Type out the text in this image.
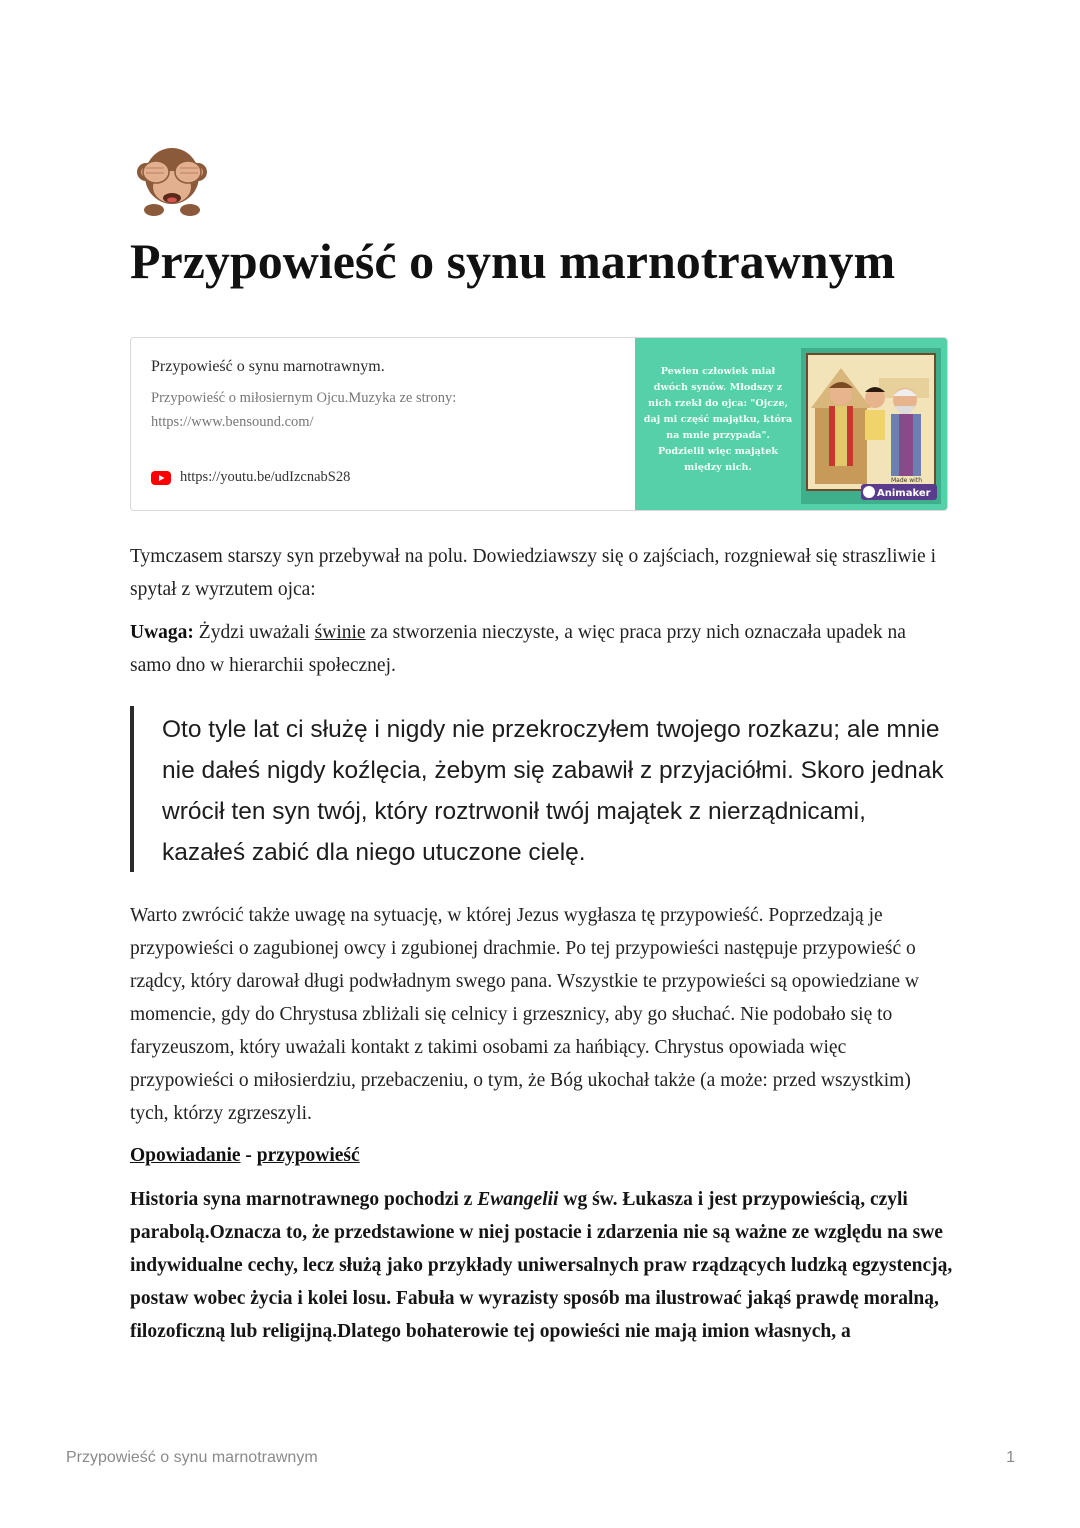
Przypowieść o synu marnotrawnym

Przypowieść o synu marnotrawnym.

Przypowieść o miłosiernym Ojcu.Muzyka ze strony:
https://www.bensound.com/

https://youtu.be/udIzcnabS28
Pewien człowiek miał dwóch synów. Młodszy z nich rzekł do ojca: "Ojcze, daj mi część majątku, która na mnie przypada". Podzielił więc majątek między nich.
Animaker
Made with

Tymczasem starszy syn przebywał na polu. Dowiedziawszy się o zajściach, rozgniewał się straszliwie i spytał z wyrzutem ojca:

Uwaga: Żydzi uważali świnie za stworzenia nieczyste, a więc praca przy nich oznaczała upadek na samo dno w hierarchii społecznej.

Oto tyle lat ci służę i nigdy nie przekroczyłem twojego rozkazu; ale mnie nie dałeś nigdy koźlęcia, żebym się zabawił z przyjaciółmi. Skoro jednak wrócił ten syn twój, który roztrwonił twój majątek z nierządnicami, kazałeś zabić dla niego utuczone cielę.

Warto zwrócić także uwagę na sytuację, w której Jezus wygłasza tę przypowieść. Poprzedzają je przypowieści o zagubionej owcy i zgubionej drachmie. Po tej przypowieści następuje przypowieść o rządcy, który darował długi podwładnym swego pana. Wszystkie te przypowieści są opowiedziane w momencie, gdy do Chrystusa zbliżali się celnicy i grzesznicy, aby go słuchać. Nie podobało się to faryzeuszom, który uważali kontakt z takimi osobami za hańbiący. Chrystus opowiada więc przypowieści o miłosierdziu, przebaczeniu, o tym, że Bóg ukochał także (a może: przed wszystkim) tych, którzy zgrzeszyli.

Opowiadanie - przypowieść

Historia syna marnotrawnego pochodzi z Ewangelii wg św. Łukasza i jest przypowieścią, czyli parabolą.Oznacza to, że przedstawione w niej postacie i zdarzenia nie są ważne ze względu na swe indywidualne cechy, lecz służą jako przykłady uniwersalnych praw rządzących ludzką egzystencją, postaw wobec życia i kolei losu. Fabuła w wyrazisty sposób ma ilustrować jakąś prawdę moralną, filozoficzną lub religijną.Dlatego bohaterowie tej opowieści nie mają imion własnych, a

Przypowieść o synu marnotrawnym	1
